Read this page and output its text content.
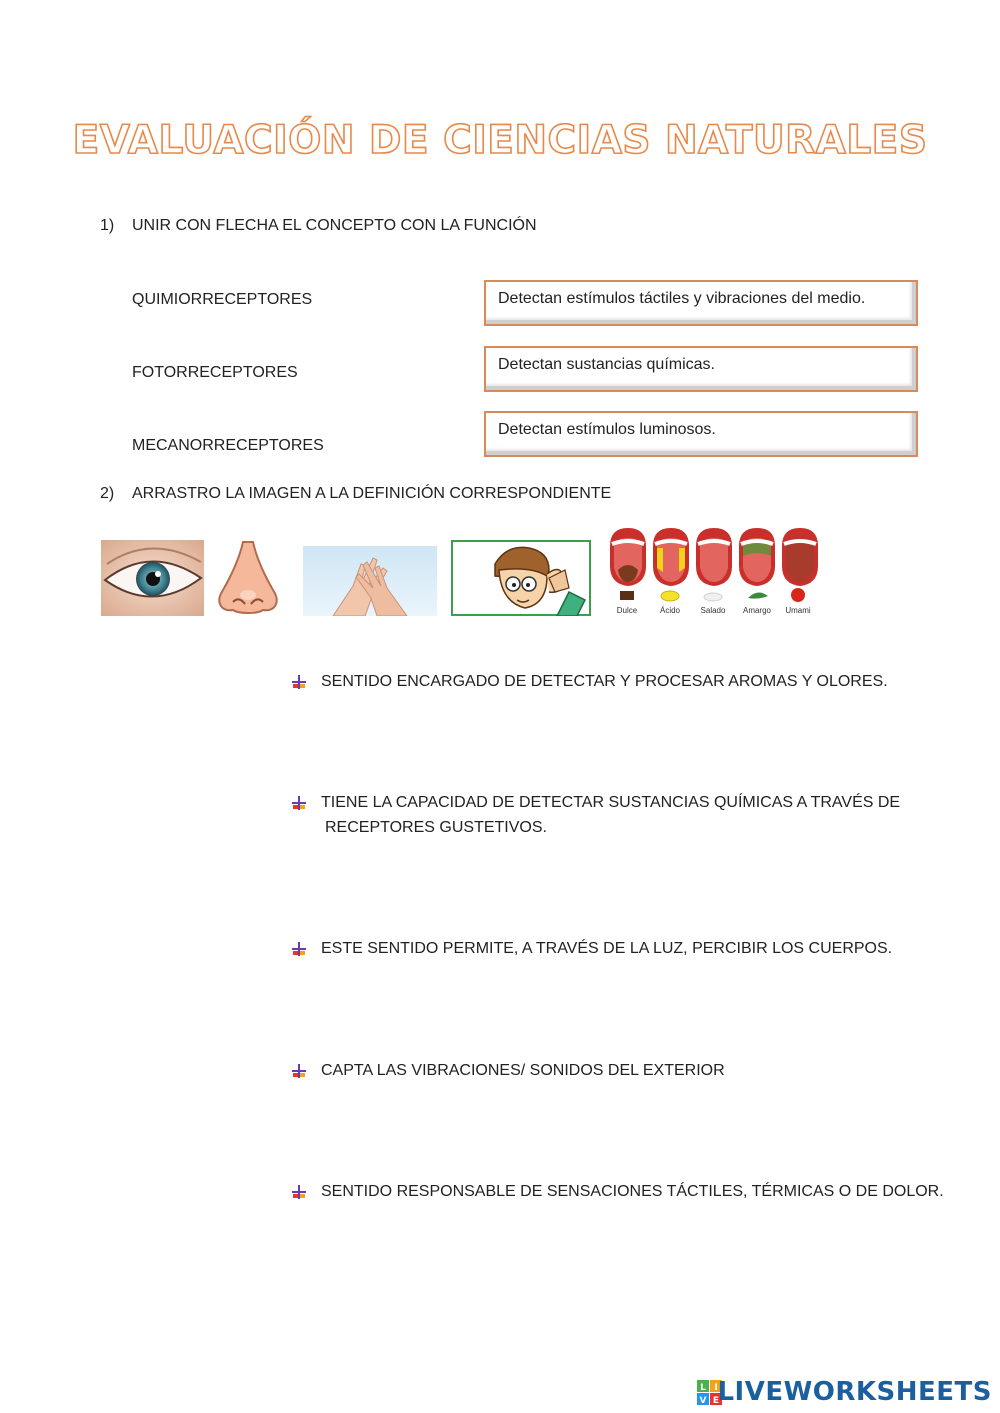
EVALUACIÓN DE CIENCIAS NATURALES
1) UNIR CON FLECHA EL CONCEPTO CON LA FUNCIÓN
QUIMIORRECEPTORES
FOTORRECEPTORES
MECANORRECEPTORES
Detectan estímulos táctiles y vibraciones del medio.
Detectan sustancias químicas.
Detectan estímulos luminosos.
2) ARRASTRO LA IMAGEN A LA DEFINICIÓN CORRESPONDIENTE
Dulce	Ácido	Salado Amargo Umami
SENTIDO ENCARGADO DE DETECTAR Y PROCESAR AROMAS Y OLORES.
TIENE LA CAPACIDAD DE DETECTAR SUSTANCIAS QUÍMICAS A TRAVÉS DE
RECEPTORES GUSTETIVOS.
ESTE SENTIDO PERMITE, A TRAVÉS DE LA LUZ, PERCIBIR LOS CUERPOS.
CAPTA LAS VIBRACIONES/ SONIDOS DEL EXTERIOR
SENTIDO RESPONSABLE DE SENSACIONES TÁCTILES, TÉRMICAS O DE DOLOR.
L I
V E
LIVEWORKSHEETS
